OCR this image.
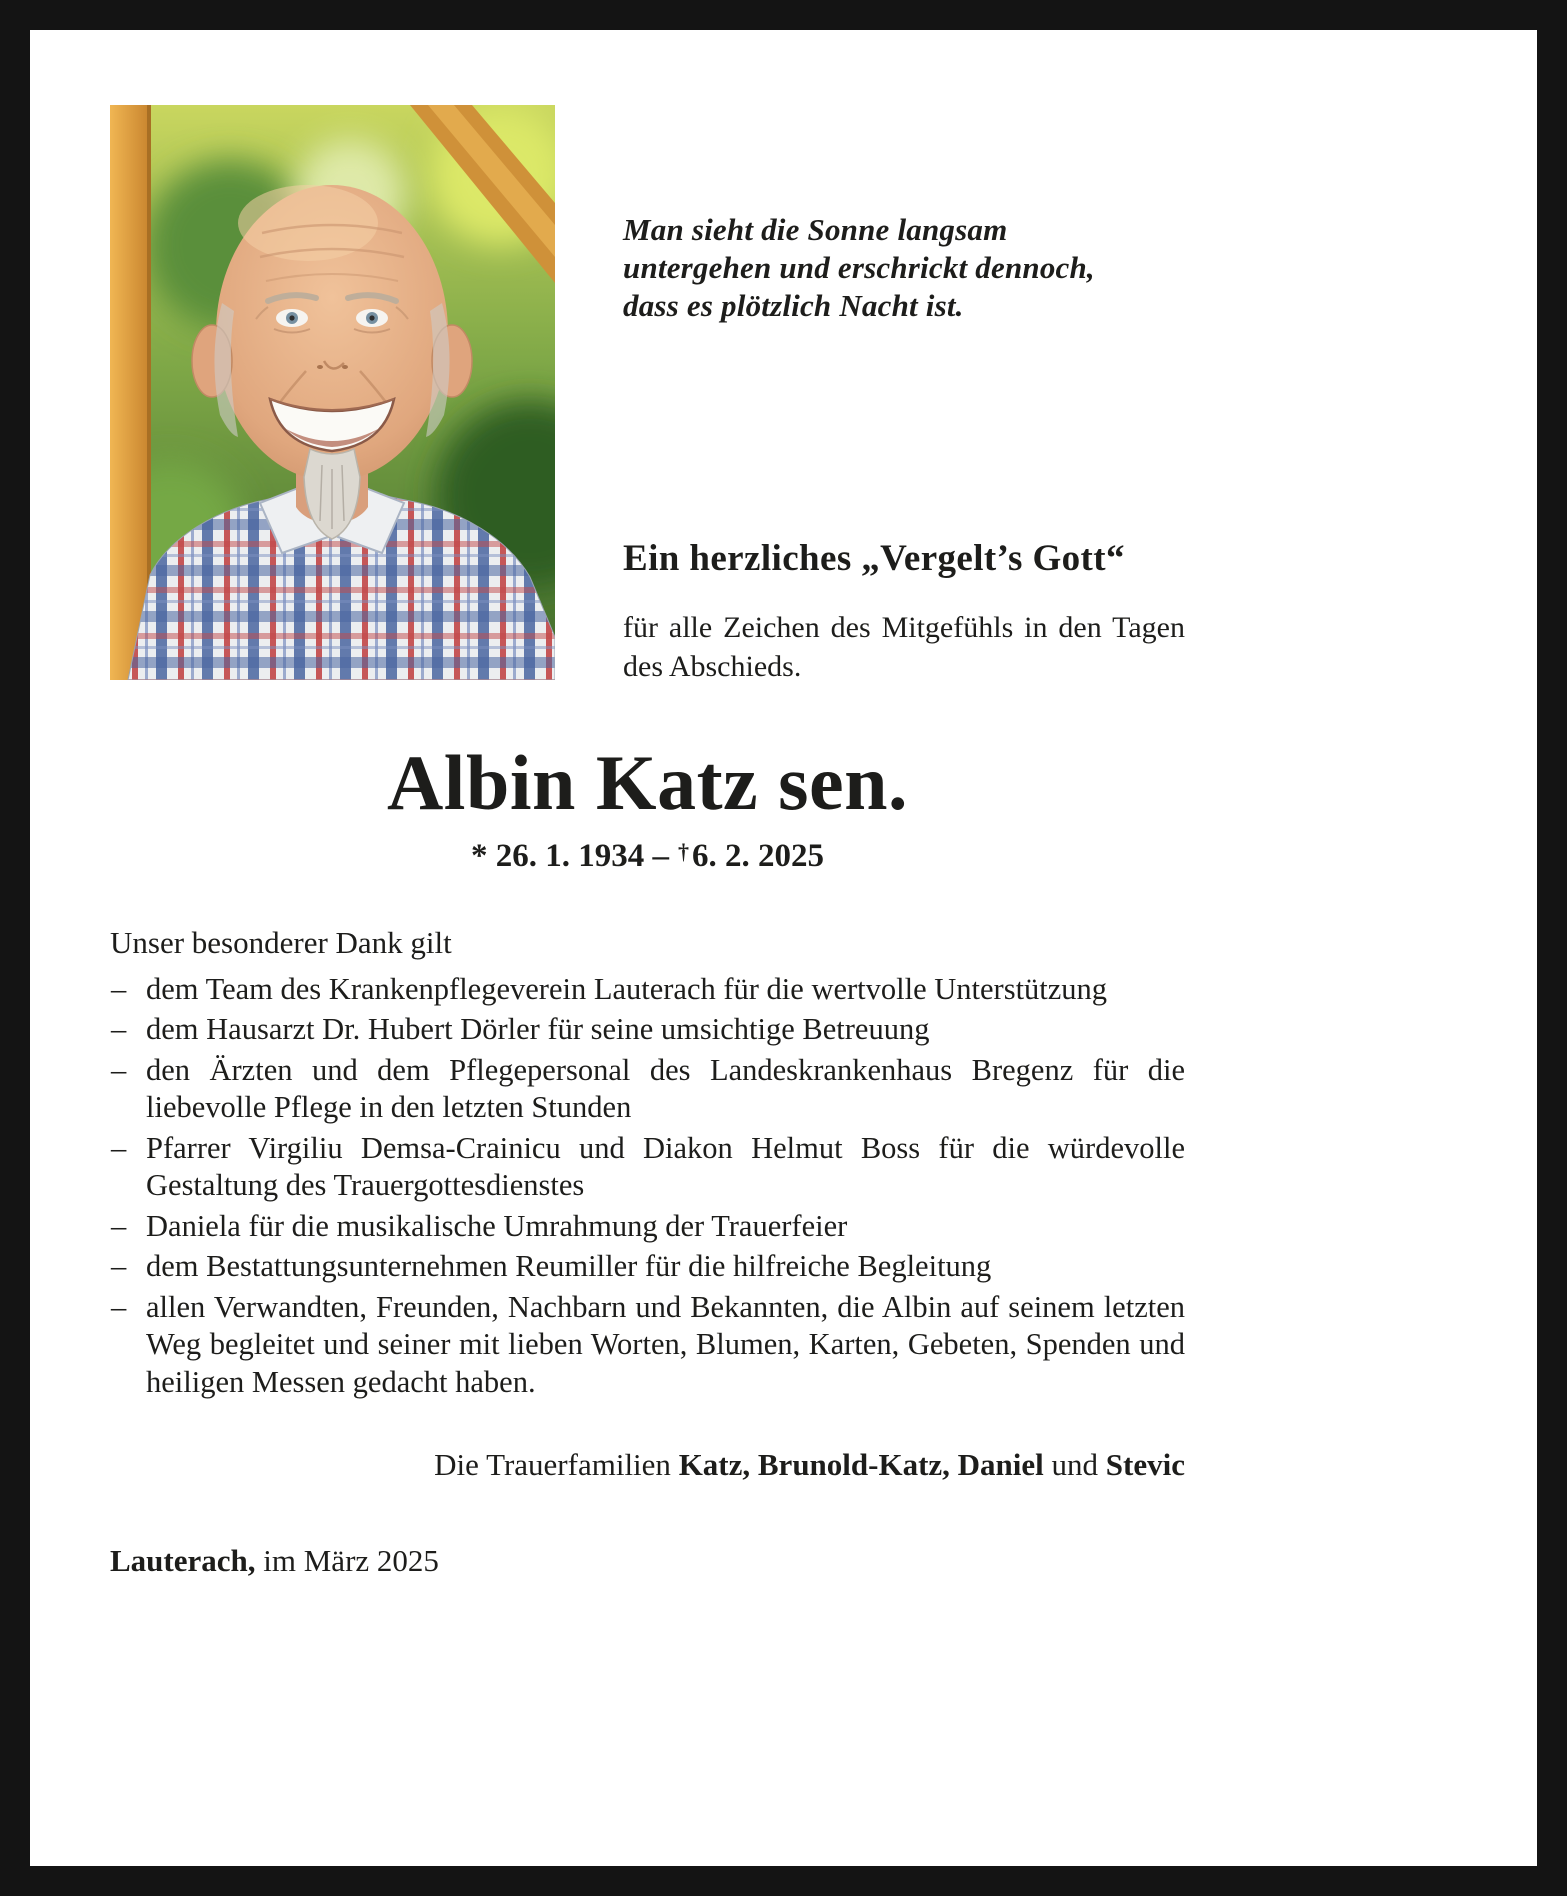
Man sieht die Sonne langsam
untergehen und erschrickt dennoch,
dass es plötzlich Nacht ist.
Ein herzliches „Vergelt’s Gott“
für alle Zeichen des Mitgefühls in den Tagen des Abschieds.
Albin Katz sen.
* 26. 1. 1934 – †6. 2. 2025
Unser besonderer Dank gilt
– dem Team des Krankenpflegeverein Lauterach für die wertvolle Unterstützung
– dem Hausarzt Dr. Hubert Dörler für seine umsichtige Betreuung
– den Ärzten und dem Pflegepersonal des Landeskrankenhaus Bregenz für die liebevolle Pflege in den letzten Stunden
– Pfarrer Virgiliu Demsa-Crainicu und Diakon Helmut Boss für die würdevolle Gestaltung des Trauergottesdienstes
– Daniela für die musikalische Umrahmung der Trauerfeier
– dem Bestattungsunternehmen Reumiller für die hilfreiche Begleitung
– allen Verwandten, Freunden, Nachbarn und Bekannten, die Albin auf seinem letzten Weg begleitet und seiner mit lieben Worten, Blumen, Karten, Gebeten, Spenden und heiligen Messen gedacht haben.
Die Trauerfamilien Katz, Brunold-Katz, Daniel und Stevic
Lauterach, im März 2025
